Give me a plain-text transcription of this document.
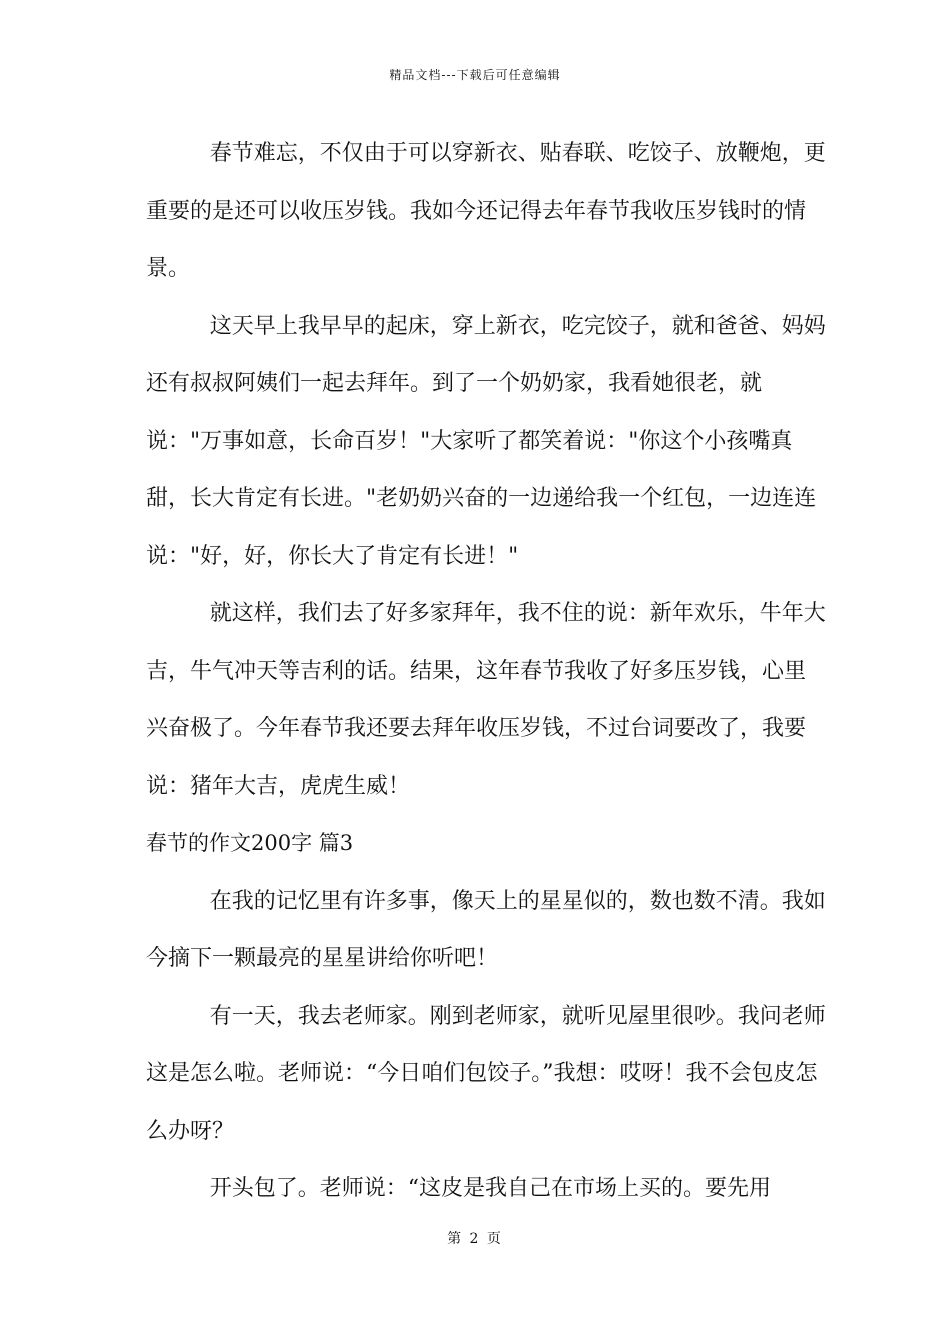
精品文档---下载后可任意编辑

春节难忘，不仅由于可以穿新衣、贴春联、吃饺子、放鞭炮，更重要的是还可以收压岁钱。我如今还记得去年春节我收压岁钱时的情景。

这天早上我早早的起床，穿上新衣，吃完饺子，就和爸爸、妈妈还有叔叔阿姨们一起去拜年。到了一个奶奶家，我看她很老，就说："万事如意，长命百岁！"大家听了都笑着说："你这个小孩嘴真甜，长大肯定有长进。"老奶奶兴奋的一边递给我一个红包，一边连连说："好，好，你长大了肯定有长进！"

就这样，我们去了好多家拜年，我不住的说：新年欢乐，牛年大吉，牛气冲天等吉利的话。结果，这年春节我收了好多压岁钱，心里兴奋极了。今年春节我还要去拜年收压岁钱，不过台词要改了，我要说：猪年大吉，虎虎生威！

春节的作文200字 篇3

在我的记忆里有许多事，像天上的星星似的，数也数不清。我如今摘下一颗最亮的星星讲给你听吧！

有一天，我去老师家。刚到老师家，就听见屋里很吵。我问老师这是怎么啦。老师说：“今日咱们包饺子。”我想：哎呀！我不会包皮怎么办呀？

开头包了。老师说：“这皮是我自己在市场上买的。要先用

第 2 页
